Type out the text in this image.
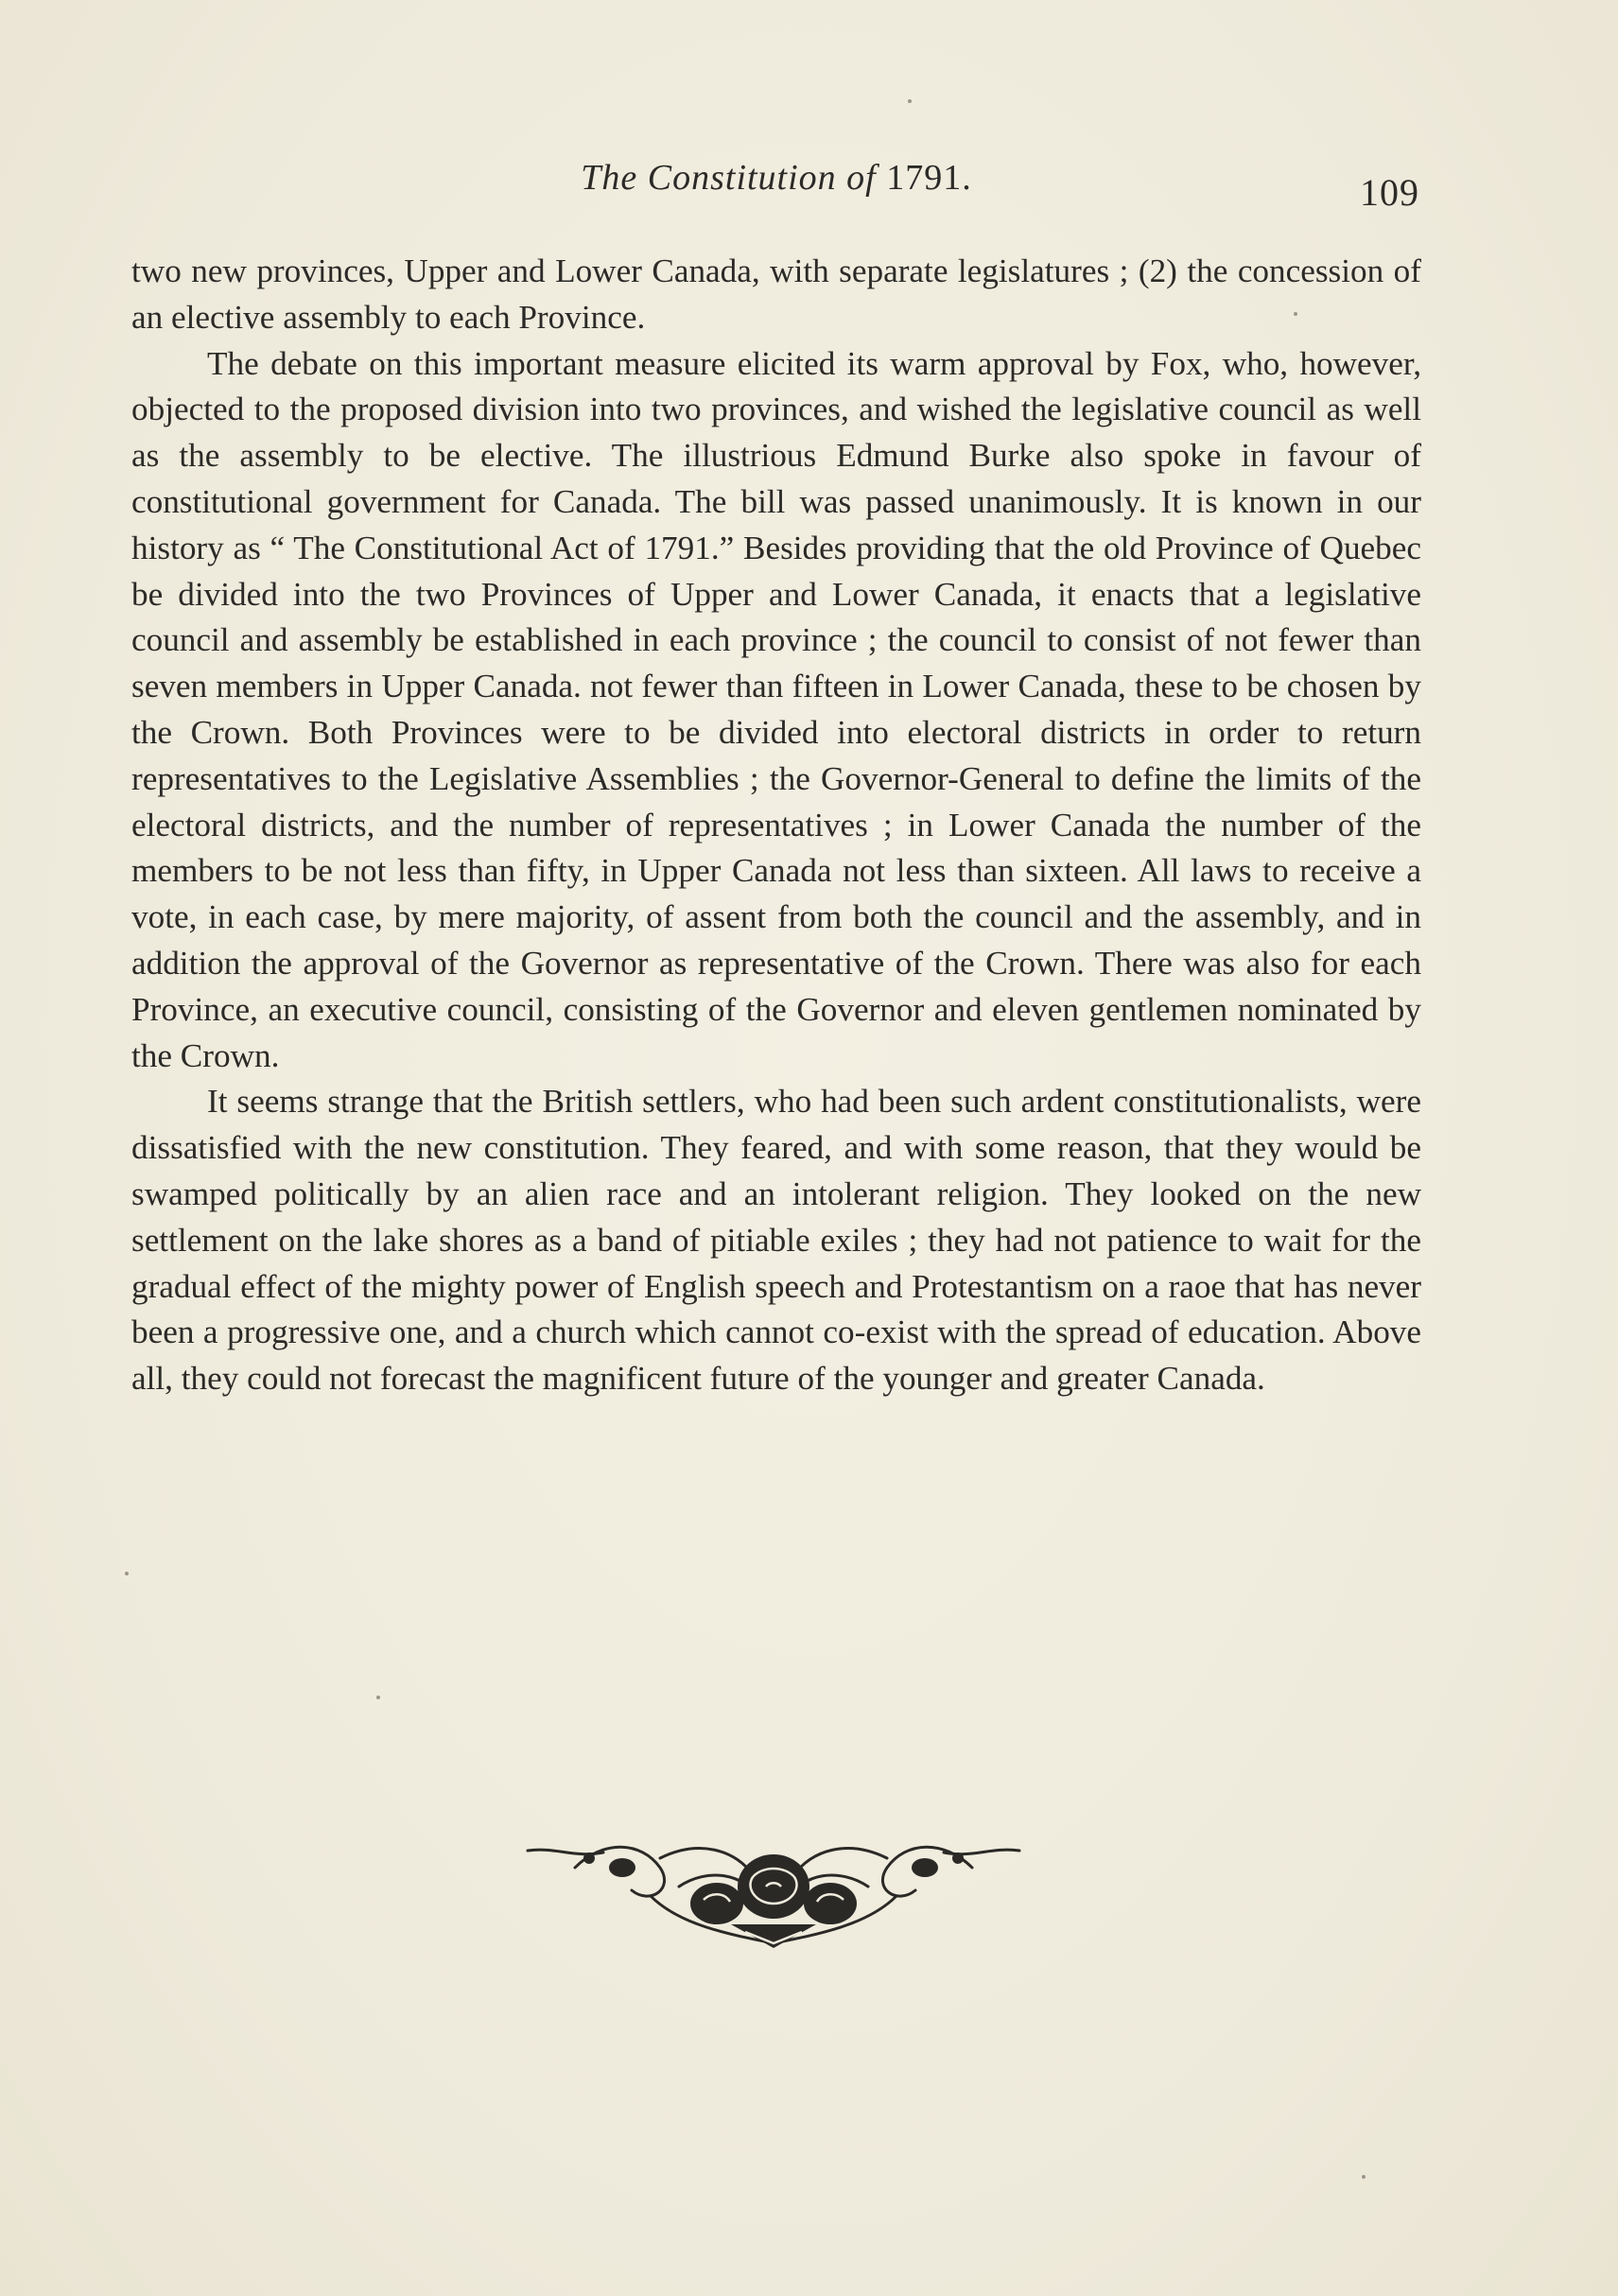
The Constitution of 1791.	109

two new provinces, Upper and Lower Canada, with separate legislatures ; (2) the concession of an elective assembly to each Province.

The debate on this important measure elicited its warm approval by Fox, who, however, objected to the proposed division into two provinces, and wished the legislative council as well as the assembly to be elective. The illustrious Edmund Burke also spoke in favour of constitutional government for Canada. The bill was passed unanimously. It is known in our history as “ The Constitutional Act of 1791.” Besides providing that the old Province of Quebec be divided into the two Provinces of Upper and Lower Canada, it enacts that a legislative council and assembly be established in each province ; the council to consist of not fewer than seven members in Upper Canada. not fewer than fifteen in Lower Canada, these to be chosen by the Crown. Both Provinces were to be divided into electoral districts in order to return representatives to the Legislative Assemblies ; the Governor-General to define the limits of the electoral districts, and the number of representatives ; in Lower Canada the number of the members to be not less than fifty, in Upper Canada not less than sixteen. All laws to receive a vote, in each case, by mere majority, of assent from both the council and the assembly, and in addition the approval of the Governor as representative of the Crown. There was also for each Province, an executive council, consisting of the Governor and eleven gentlemen nominated by the Crown.

It seems strange that the British settlers, who had been such ardent constitutionalists, were dissatisfied with the new constitution. They feared, and with some reason, that they would be swamped politically by an alien race and an intolerant religion. They looked on the new settlement on the lake shores as a band of pitiable exiles ; they had not patience to wait for the gradual effect of the mighty power of English speech and Protestantism on a raoe that has never been a progressive one, and a church which cannot co-exist with the spread of education. Above all, they could not forecast the magnificent future of the younger and greater Canada.
